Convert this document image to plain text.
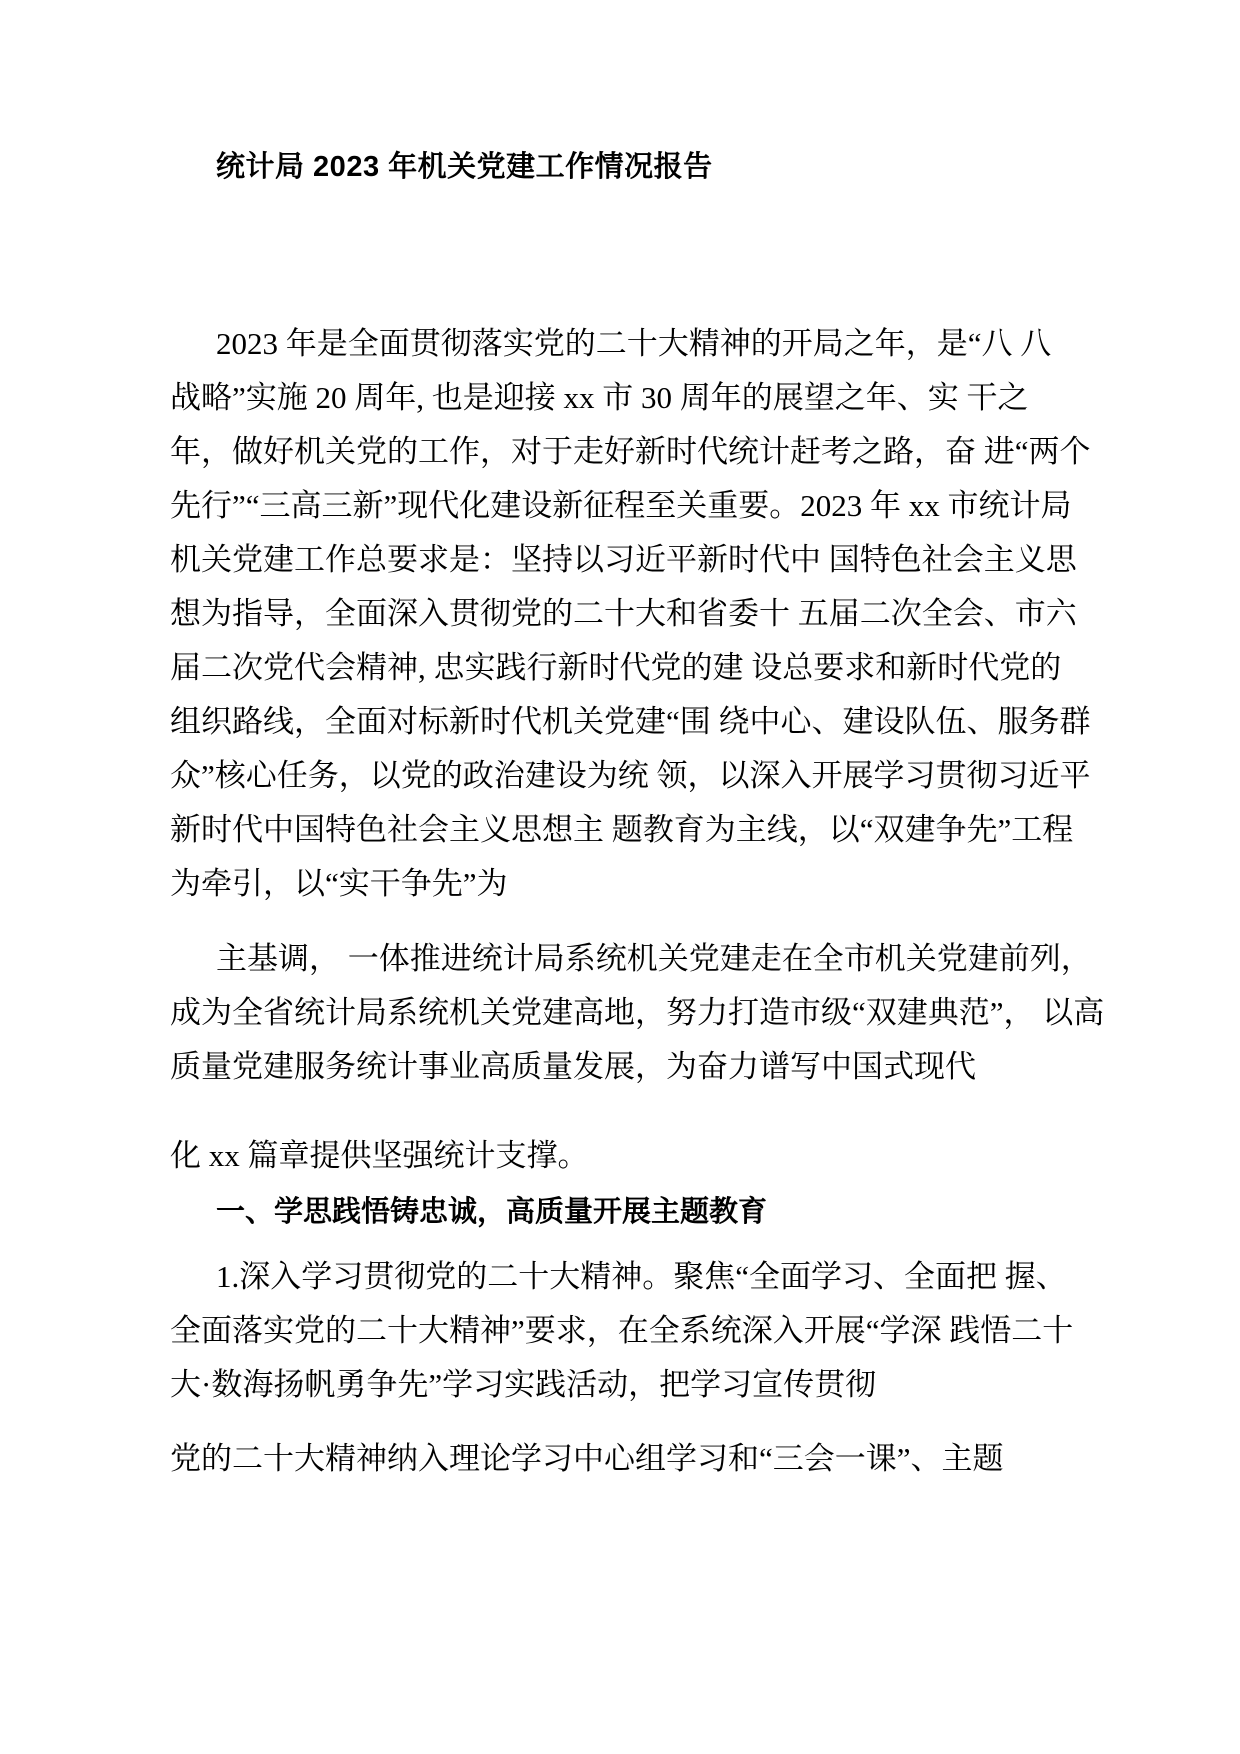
统计局 2023 年机关党建工作情况报告
2023 年是全面贯彻落实党的二十大精神的开局之年，是“八 八
战略”实施 20 周年, 也是迎接 xx 市 30 周年的展望之年、实 干之
年，做好机关党的工作，对于走好新时代统计赶考之路，奋 进“两个
先行”“三高三新”现代化建设新征程至关重要。2023 年 xx 市统计局
机关党建工作总要求是：坚持以习近平新时代中 国特色社会主义思
想为指导，全面深入贯彻党的二十大和省委十 五届二次全会、市六
届二次党代会精神, 忠实践行新时代党的建 设总要求和新时代党的
组织路线，全面对标新时代机关党建“围 绕中心、建设队伍、服务群
众”核心任务，以党的政治建设为统 领，以深入开展学习贯彻习近平
新时代中国特色社会主义思想主 题教育为主线，以“双建争先”工程
为牵引，以“实干争先”为
主基调， 一体推进统计局系统机关党建走在全市机关党建前列，
成为全省统计局系统机关党建高地，努力打造市级“双建典范”， 以高
质量党建服务统计事业高质量发展，为奋力谱写中国式现代
化 xx 篇章提供坚强统计支撑。
一、学思践悟铸忠诚，高质量开展主题教育
1.深入学习贯彻党的二十大精神。聚焦“全面学习、全面把 握、
全面落实党的二十大精神”要求，在全系统深入开展“学深 践悟二十
大·数海扬帆勇争先”学习实践活动，把学习宣传贯彻
党的二十大精神纳入理论学习中心组学习和“三会一课”、主题
